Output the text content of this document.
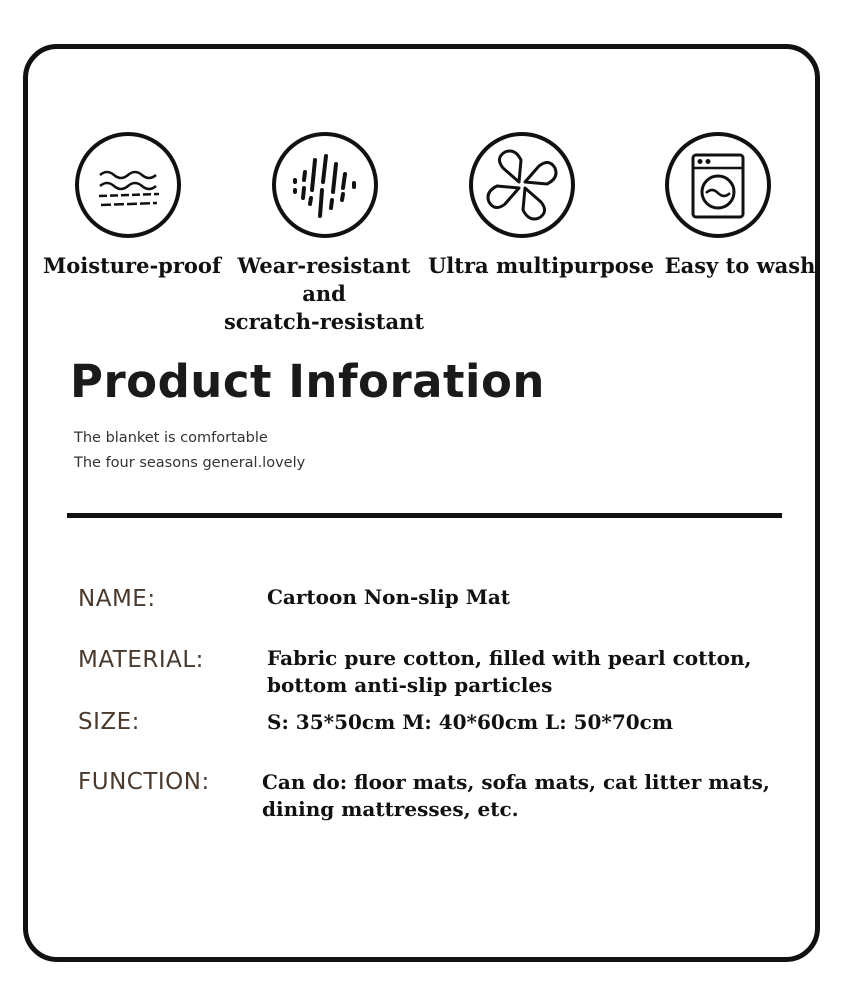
Moisture-proof Wear-resistant
and
scratch-resistant
Ultra multipurpose Easy to wash
Product Inforation
The blanket is comfortable
The four seasons general.lovely
NAME:	Cartoon Non-slip Mat
MATERIAL:	Fabric pure cotton, filled with pearl cotton,
bottom anti-slip particles
SIZE:	S: 35*50cm M: 40*60cm L: 50*70cm
FUNCTION:	Can do: floor mats, sofa mats, cat litter mats,
dining mattresses, etc.
